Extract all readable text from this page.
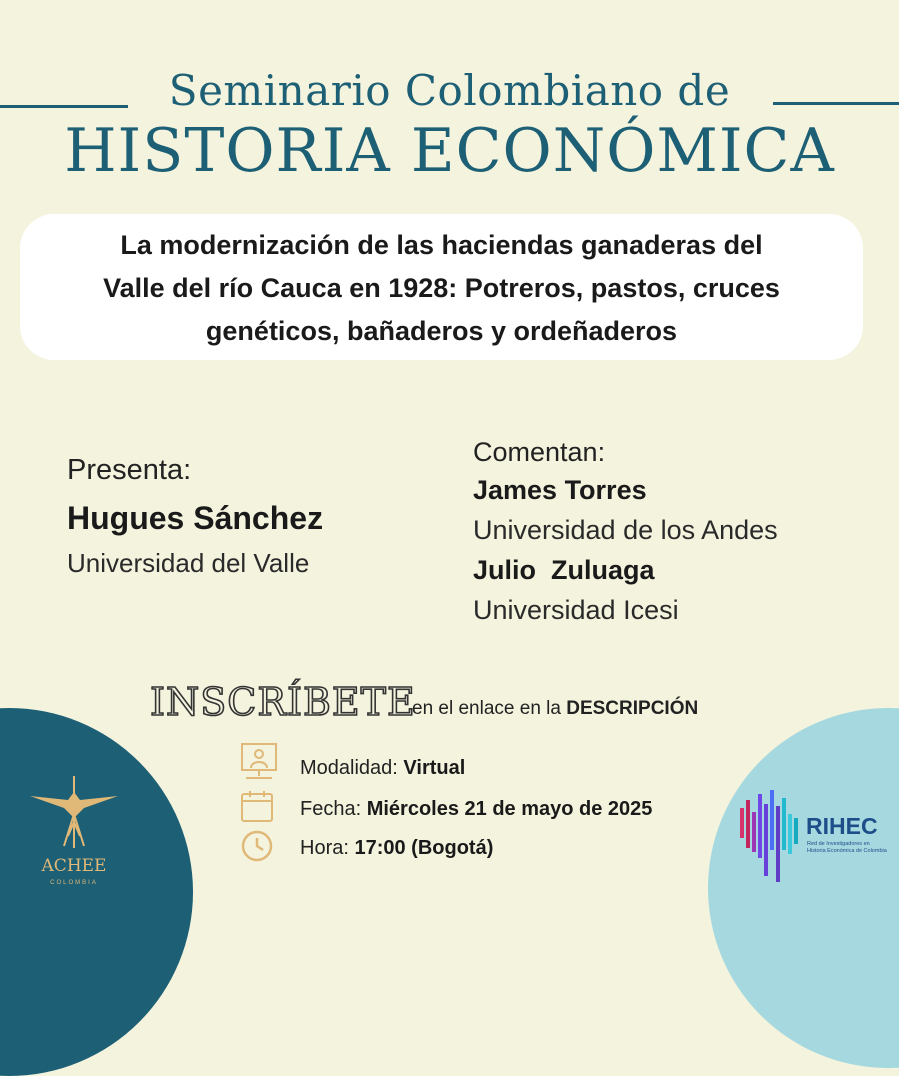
Seminario Colombiano de
HISTORIA ECONÓMICA
La modernización de las haciendas ganaderas del
Valle del río Cauca en 1928: Potreros, pastos, cruces
genéticos, bañaderos y ordeñaderos
Presenta:
Hugues Sánchez
Universidad del Valle
Comentan:
James Torres
Universidad de los Andes
Julio  Zuluaga
Universidad Icesi
INSCRÍBETE
en el enlace en la DESCRIPCIÓN
Modalidad: Virtual
Fecha: Miércoles 21 de mayo de 2025
Hora: 17:00 (Bogotá)
ACHEE
COLOMBIA
RIHEC
Red de Investigadores en
Historia Económica de Colombia
